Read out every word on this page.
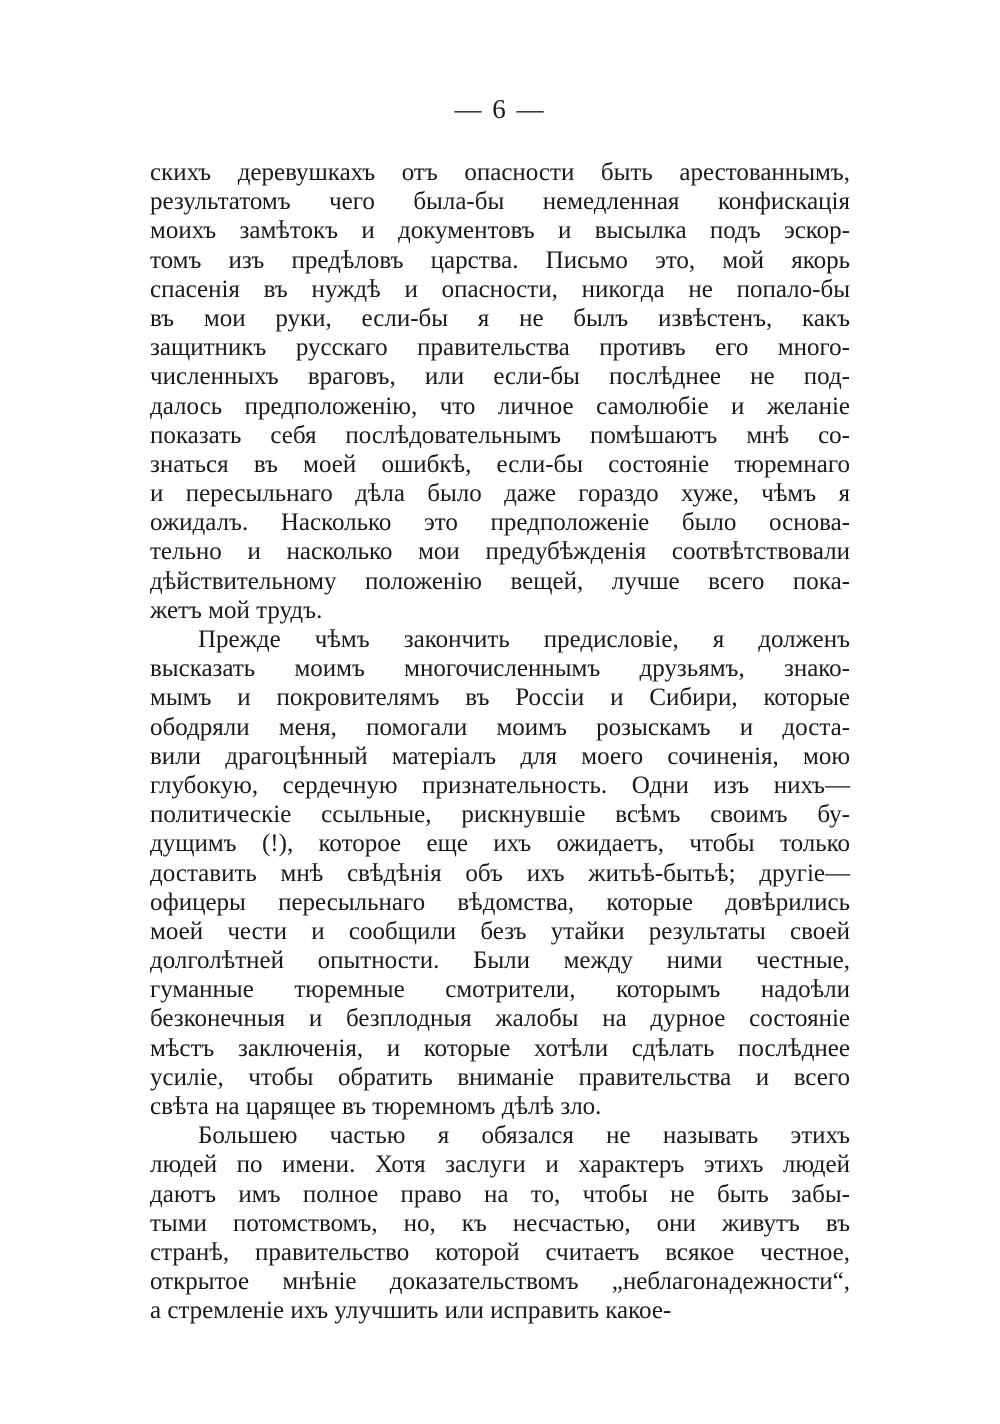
— 6 —
скихъ деревушкахъ отъ опасности быть арестованнымъ,
результатомъ чего была-бы немедленная конфискація
моихъ замѣтокъ и документовъ и высылка подъ эскор-
томъ изъ предѣловъ царства. Письмо это, мой якорь
спасенія въ нуждѣ и опасности, никогда не попало-бы
въ мои руки, если-бы я не былъ извѣстенъ, какъ
защитникъ русскаго правительства противъ его много-
численныхъ враговъ, или если-бы послѣднее не под-
далось предположенію, что личное самолюбіе и желаніе
показать себя послѣдовательнымъ помѣшаютъ мнѣ со-
знаться въ моей ошибкѣ, если-бы состояніе тюремнаго
и пересыльнаго дѣла было даже гораздо хуже, чѣмъ я
ожидалъ. Насколько это предположеніе было основа-
тельно и насколько мои предубѣжденія соотвѣтствовали
дѣйствительному положенію вещей, лучше всего пока-
жетъ мой трудъ.
Прежде чѣмъ закончить предисловіе, я долженъ
высказать моимъ многочисленнымъ друзьямъ, знако-
мымъ и покровителямъ въ Россіи и Сибири, которые
ободряли меня, помогали моимъ розыскамъ и доста-
вили драгоцѣнный матеріалъ для моего сочиненія, мою
глубокую, сердечную признательность. Одни изъ нихъ—
политическіе ссыльные, рискнувшіе всѣмъ своимъ бу-
дущимъ (!), которое еще ихъ ожидаетъ, чтобы только
доставить мнѣ свѣдѣнія объ ихъ житьѣ-бытьѣ; другіе—
офицеры пересыльнаго вѣдомства, которые довѣрились
моей чести и сообщили безъ утайки результаты своей
долголѣтней опытности. Были между ними честные,
гуманные тюремные смотрители, которымъ надоѣли
безконечныя и безплодныя жалобы на дурное состояніе
мѣстъ заключенія, и которые хотѣли сдѣлать послѣднее
усиліе, чтобы обратить вниманіе правительства и всего
свѣта на царящее въ тюремномъ дѣлѣ зло.
Большею частью я обязался не называть этихъ
людей по имени. Хотя заслуги и характеръ этихъ людей
даютъ имъ полное право на то, чтобы не быть забы-
тыми потомствомъ, но, къ несчастью, они живутъ въ
странѣ, правительство которой считаетъ всякое честное,
открытое мнѣніе доказательствомъ „неблагонадежности“,
а стремленіе ихъ улучшить или исправить какое-
